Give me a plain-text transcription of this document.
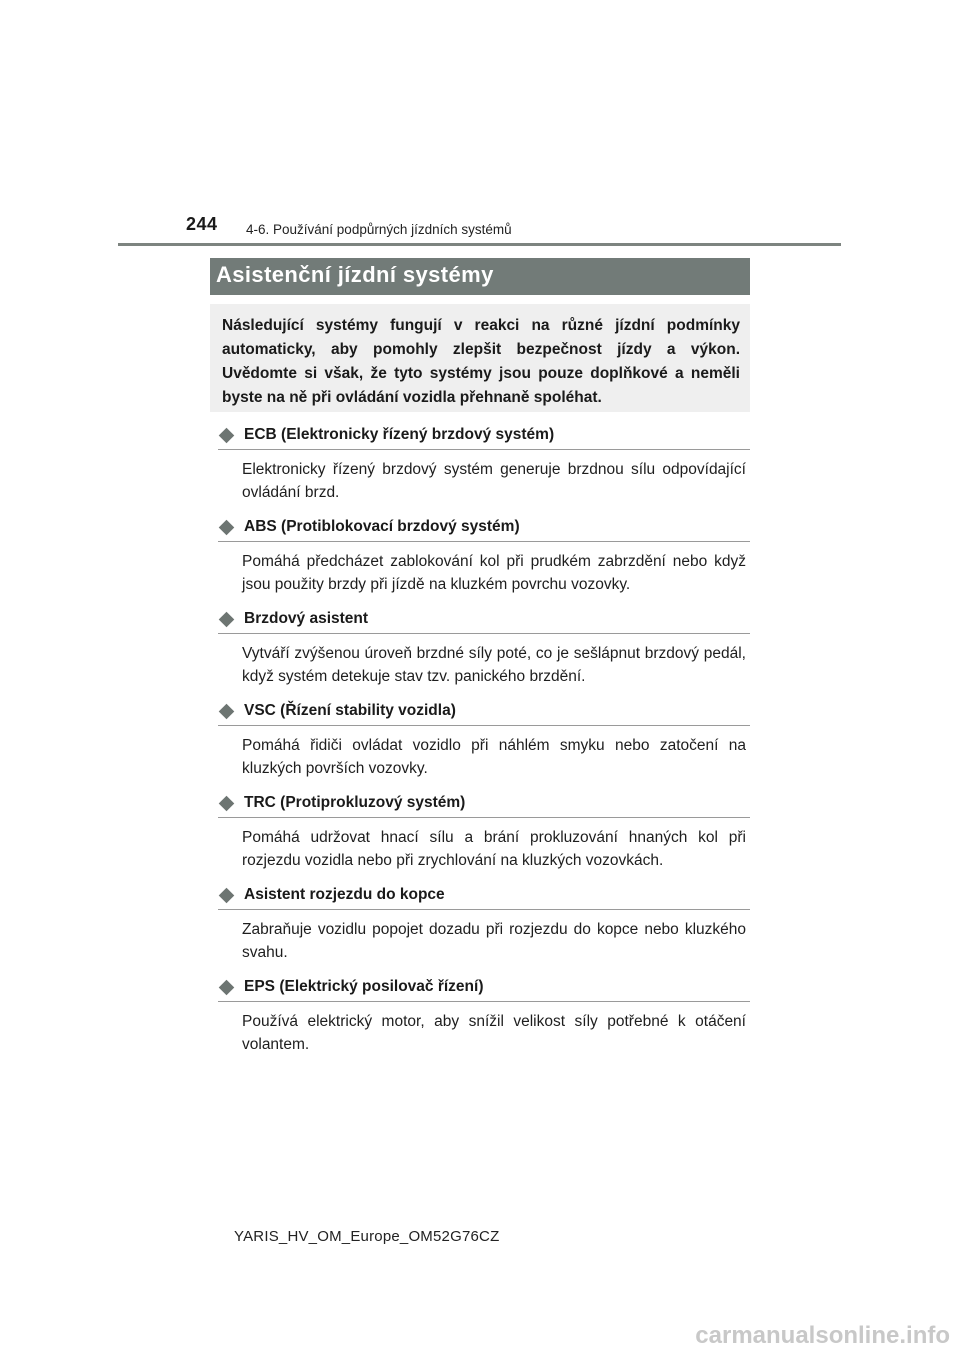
244 4-6. Používání podpůrných jízdních systémů
Asistenční jízdní systémy
Následující systémy fungují v reakci na různé jízdní podmínky automaticky, aby pomohly zlepšit bezpečnost jízdy a výkon. Uvědomte si však, že tyto systémy jsou pouze doplňkové a neměli byste na ně při ovládání vozidla přehnaně spoléhat.
ECB (Elektronicky řízený brzdový systém)
Elektronicky řízený brzdový systém generuje brzdnou sílu odpovídající ovládání brzd.
ABS (Protiblokovací brzdový systém)
Pomáhá předcházet zablokování kol při prudkém zabrzdění nebo když jsou použity brzdy při jízdě na kluzkém povrchu vozovky.
Brzdový asistent
Vytváří zvýšenou úroveň brzdné síly poté, co je sešlápnut brzdový pedál, když systém detekuje stav tzv. panického brzdění.
VSC (Řízení stability vozidla)
Pomáhá řidiči ovládat vozidlo při náhlém smyku nebo zatočení na kluzkých površích vozovky.
TRC (Protiprokluzový systém)
Pomáhá udržovat hnací sílu a brání prokluzování hnaných kol při rozjezdu vozidla nebo při zrychlování na kluzkých vozovkách.
Asistent rozjezdu do kopce
Zabraňuje vozidlu popojet dozadu při rozjezdu do kopce nebo kluzkého svahu.
EPS (Elektrický posilovač řízení)
Používá elektrický motor, aby snížil velikost síly potřebné k otáčení volantem.
YARIS_HV_OM_Europe_OM52G76CZ
carmanualsonline.info
